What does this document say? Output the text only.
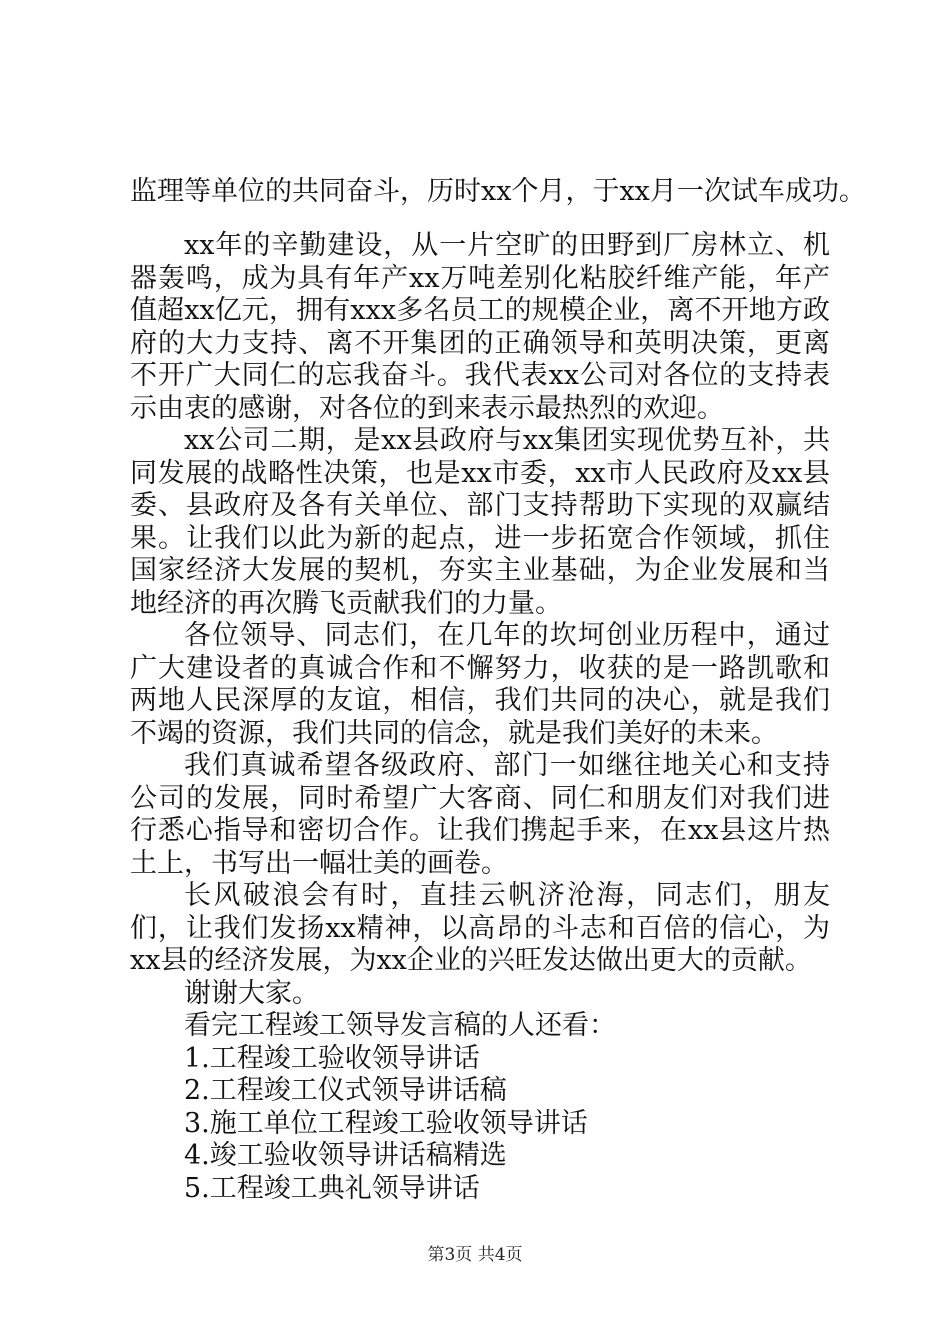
监理等单位的共同奋斗，历时xx个月，于xx月一次试车成功。

xx年的辛勤建设，从一片空旷的田野到厂房林立、机器轰鸣，成为具有年产xx万吨差别化粘胶纤维产能，年产值超xx亿元，拥有xxx多名员工的规模企业，离不开地方政府的大力支持、离不开集团的正确领导和英明决策，更离不开广大同仁的忘我奋斗。我代表xx公司对各位的支持表示由衷的感谢，对各位的到来表示最热烈的欢迎。

xx公司二期，是xx县政府与xx集团实现优势互补，共同发展的战略性决策，也是xx市委，xx市人民政府及xx县委、县政府及各有关单位、部门支持帮助下实现的双赢结果。让我们以此为新的起点，进一步拓宽合作领域，抓住国家经济大发展的契机，夯实主业基础，为企业发展和当地经济的再次腾飞贡献我们的力量。

各位领导、同志们，在几年的坎坷创业历程中，通过广大建设者的真诚合作和不懈努力，收获的是一路凯歌和两地人民深厚的友谊，相信，我们共同的决心，就是我们不竭的资源，我们共同的信念，就是我们美好的未来。

我们真诚希望各级政府、部门一如继往地关心和支持公司的发展，同时希望广大客商、同仁和朋友们对我们进行悉心指导和密切合作。让我们携起手来，在xx县这片热土上，书写出一幅壮美的画卷。

长风破浪会有时，直挂云帆济沧海，同志们，朋友们，让我们发扬xx精神，以高昂的斗志和百倍的信心，为xx县的经济发展，为xx企业的兴旺发达做出更大的贡献。

谢谢大家。

看完工程竣工领导发言稿的人还看：

1.工程竣工验收领导讲话

2.工程竣工仪式领导讲话稿

3.施工单位工程竣工验收领导讲话

4.竣工验收领导讲话稿精选

5.工程竣工典礼领导讲话

第3页 共4页
